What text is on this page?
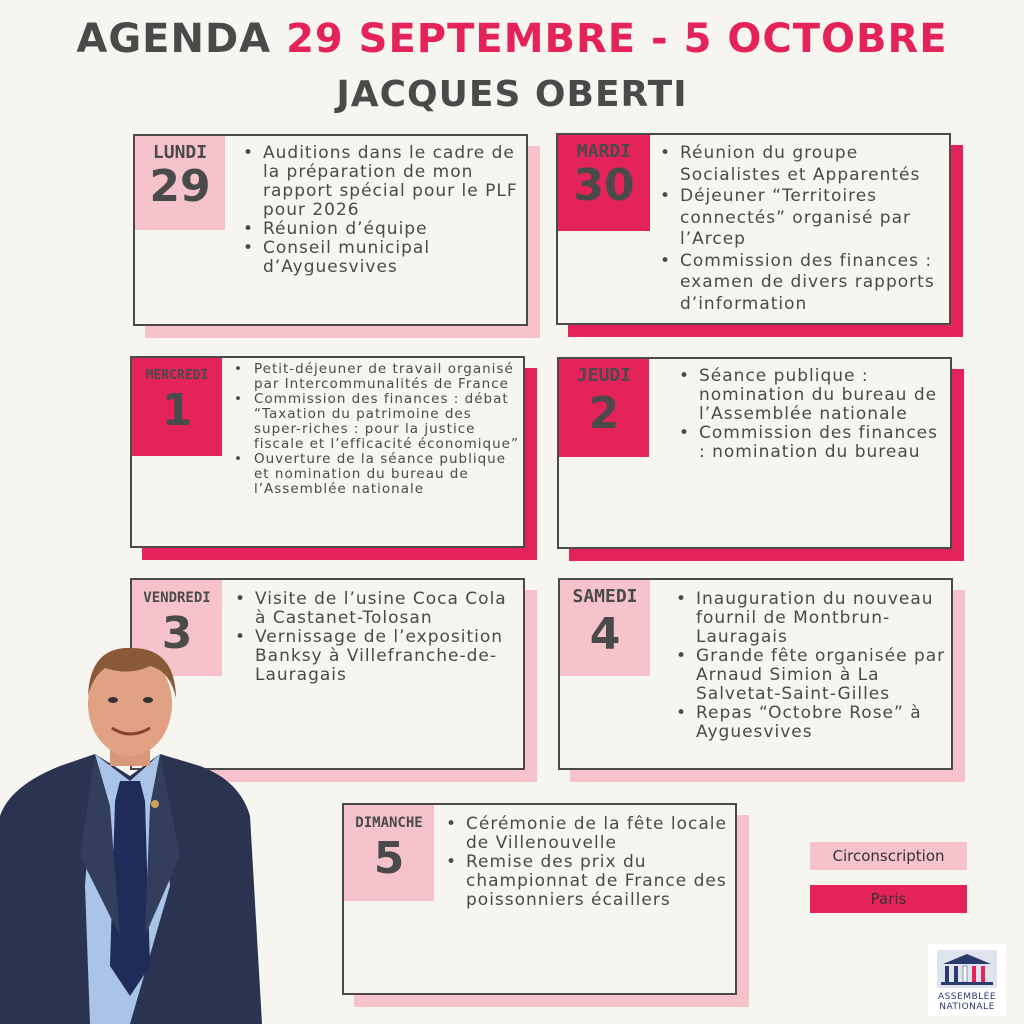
AGENDA 29 SEPTEMBRE - 5 OCTOBRE
JACQUES OBERTI
LUNDI
29
• Auditions dans le cadre de la préparation de mon rapport spécial pour le PLF pour 2026
• Réunion d’équipe
• Conseil municipal d’Ayguesvives
MARDI
30
• Réunion du groupe Socialistes et Apparentés
• Déjeuner “Territoires connectés” organisé par l’Arcep
• Commission des finances : examen de divers rapports d’information
MERCREDI
1
• Petit-déjeuner de travail organisé par Intercommunalités de France
• Commission des finances : débat “Taxation du patrimoine des super-riches : pour la justice fiscale et l’efficacité économique”
• Ouverture de la séance publique et nomination du bureau de l’Assemblée nationale
JEUDI
2
• Séance publique : nomination du bureau de l’Assemblée nationale
• Commission des finances : nomination du bureau
VENDREDI
3
• Visite de l’usine Coca Cola à Castanet-Tolosan
• Vernissage de l’exposition Banksy à Villefranche-de-Lauragais
SAMEDI
4
• Inauguration du nouveau fournil de Montbrun-Lauragais
• Grande fête organisée par Arnaud Simion à La Salvetat-Saint-Gilles
• Repas “Octobre Rose” à Ayguesvives
DIMANCHE
5
• Cérémonie de la fête locale de Villenouvelle
• Remise des prix du championnat de France des poissonniers écaillers
Circonscription
Paris
ASSEMBLÉE
NATIONALE
